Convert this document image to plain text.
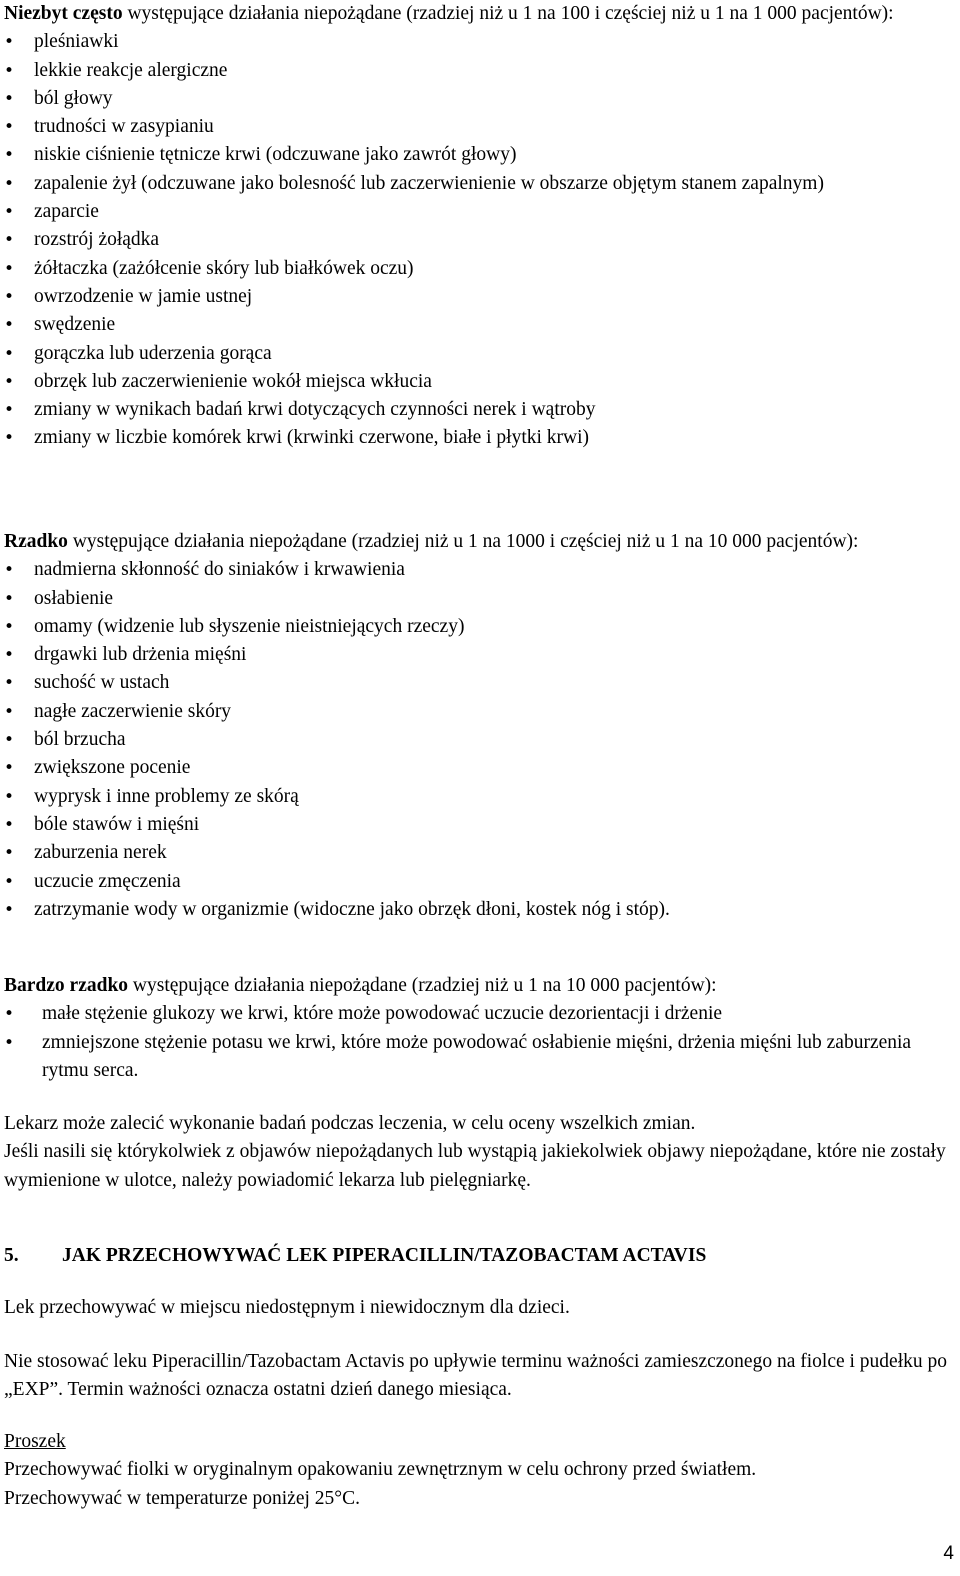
Niezbyt często występujące działania niepożądane (rzadziej niż u 1 na 100 i częściej niż u 1 na 1 000 pacjentów):

• pleśniawki
• lekkie reakcje alergiczne
• ból głowy
• trudności w zasypianiu
• niskie ciśnienie tętnicze krwi (odczuwane jako zawrót głowy)
• zapalenie żył (odczuwane jako bolesność lub zaczerwienienie w obszarze objętym stanem zapalnym)
• zaparcie
• rozstrój żołądka
• żółtaczka (zażółcenie skóry lub białkówek oczu)
• owrzodzenie w jamie ustnej
• swędzenie
• gorączka lub uderzenia gorąca
• obrzęk lub zaczerwienienie wokół miejsca wkłucia
• zmiany w wynikach badań krwi dotyczących czynności nerek i wątroby
• zmiany w liczbie komórek krwi (krwinki czerwone, białe i płytki krwi)

Rzadko występujące działania niepożądane (rzadziej niż u 1 na 1000 i częściej niż u 1 na 10 000 pacjentów):

• nadmierna skłonność do siniaków i krwawienia
• osłabienie
• omamy (widzenie lub słyszenie nieistniejących rzeczy)
• drgawki lub drżenia mięśni
• suchość w ustach
• nagłe zaczerwienie skóry
• ból brzucha
• zwiększone pocenie
• wyprysk i inne problemy ze skórą
• bóle stawów i mięśni
• zaburzenia nerek
• uczucie zmęczenia
• zatrzymanie wody w organizmie (widoczne jako obrzęk dłoni, kostek nóg i stóp).

Bardzo rzadko występujące działania niepożądane (rzadziej niż u 1 na 10 000 pacjentów):

• małe stężenie glukozy we krwi, które może powodować uczucie dezorientacji i drżenie
• zmniejszone stężenie potasu we krwi, które może powodować osłabienie mięśni, drżenia mięśni lub zaburzenia rytmu serca.

Lekarz może zalecić wykonanie badań podczas leczenia, w celu oceny wszelkich zmian.

Jeśli nasili się którykolwiek z objawów niepożądanych lub wystąpią jakiekolwiek objawy niepożądane, które nie zostały wymienione w ulotce, należy powiadomić lekarza lub pielęgniarkę.

5.	JAK PRZECHOWYWAĆ LEK PIPERACILLIN/TAZOBACTAM ACTAVIS

Lek przechowywać w miejscu niedostępnym i niewidocznym dla dzieci.

Nie stosować leku Piperacillin/Tazobactam Actavis po upływie terminu ważności zamieszczonego na fiolce i pudełku po „EXP”. Termin ważności oznacza ostatni dzień danego miesiąca.

Proszek

Przechowywać fiolki w oryginalnym opakowaniu zewnętrznym w celu ochrony przed światłem.

Przechowywać w temperaturze poniżej 25°C.

4
